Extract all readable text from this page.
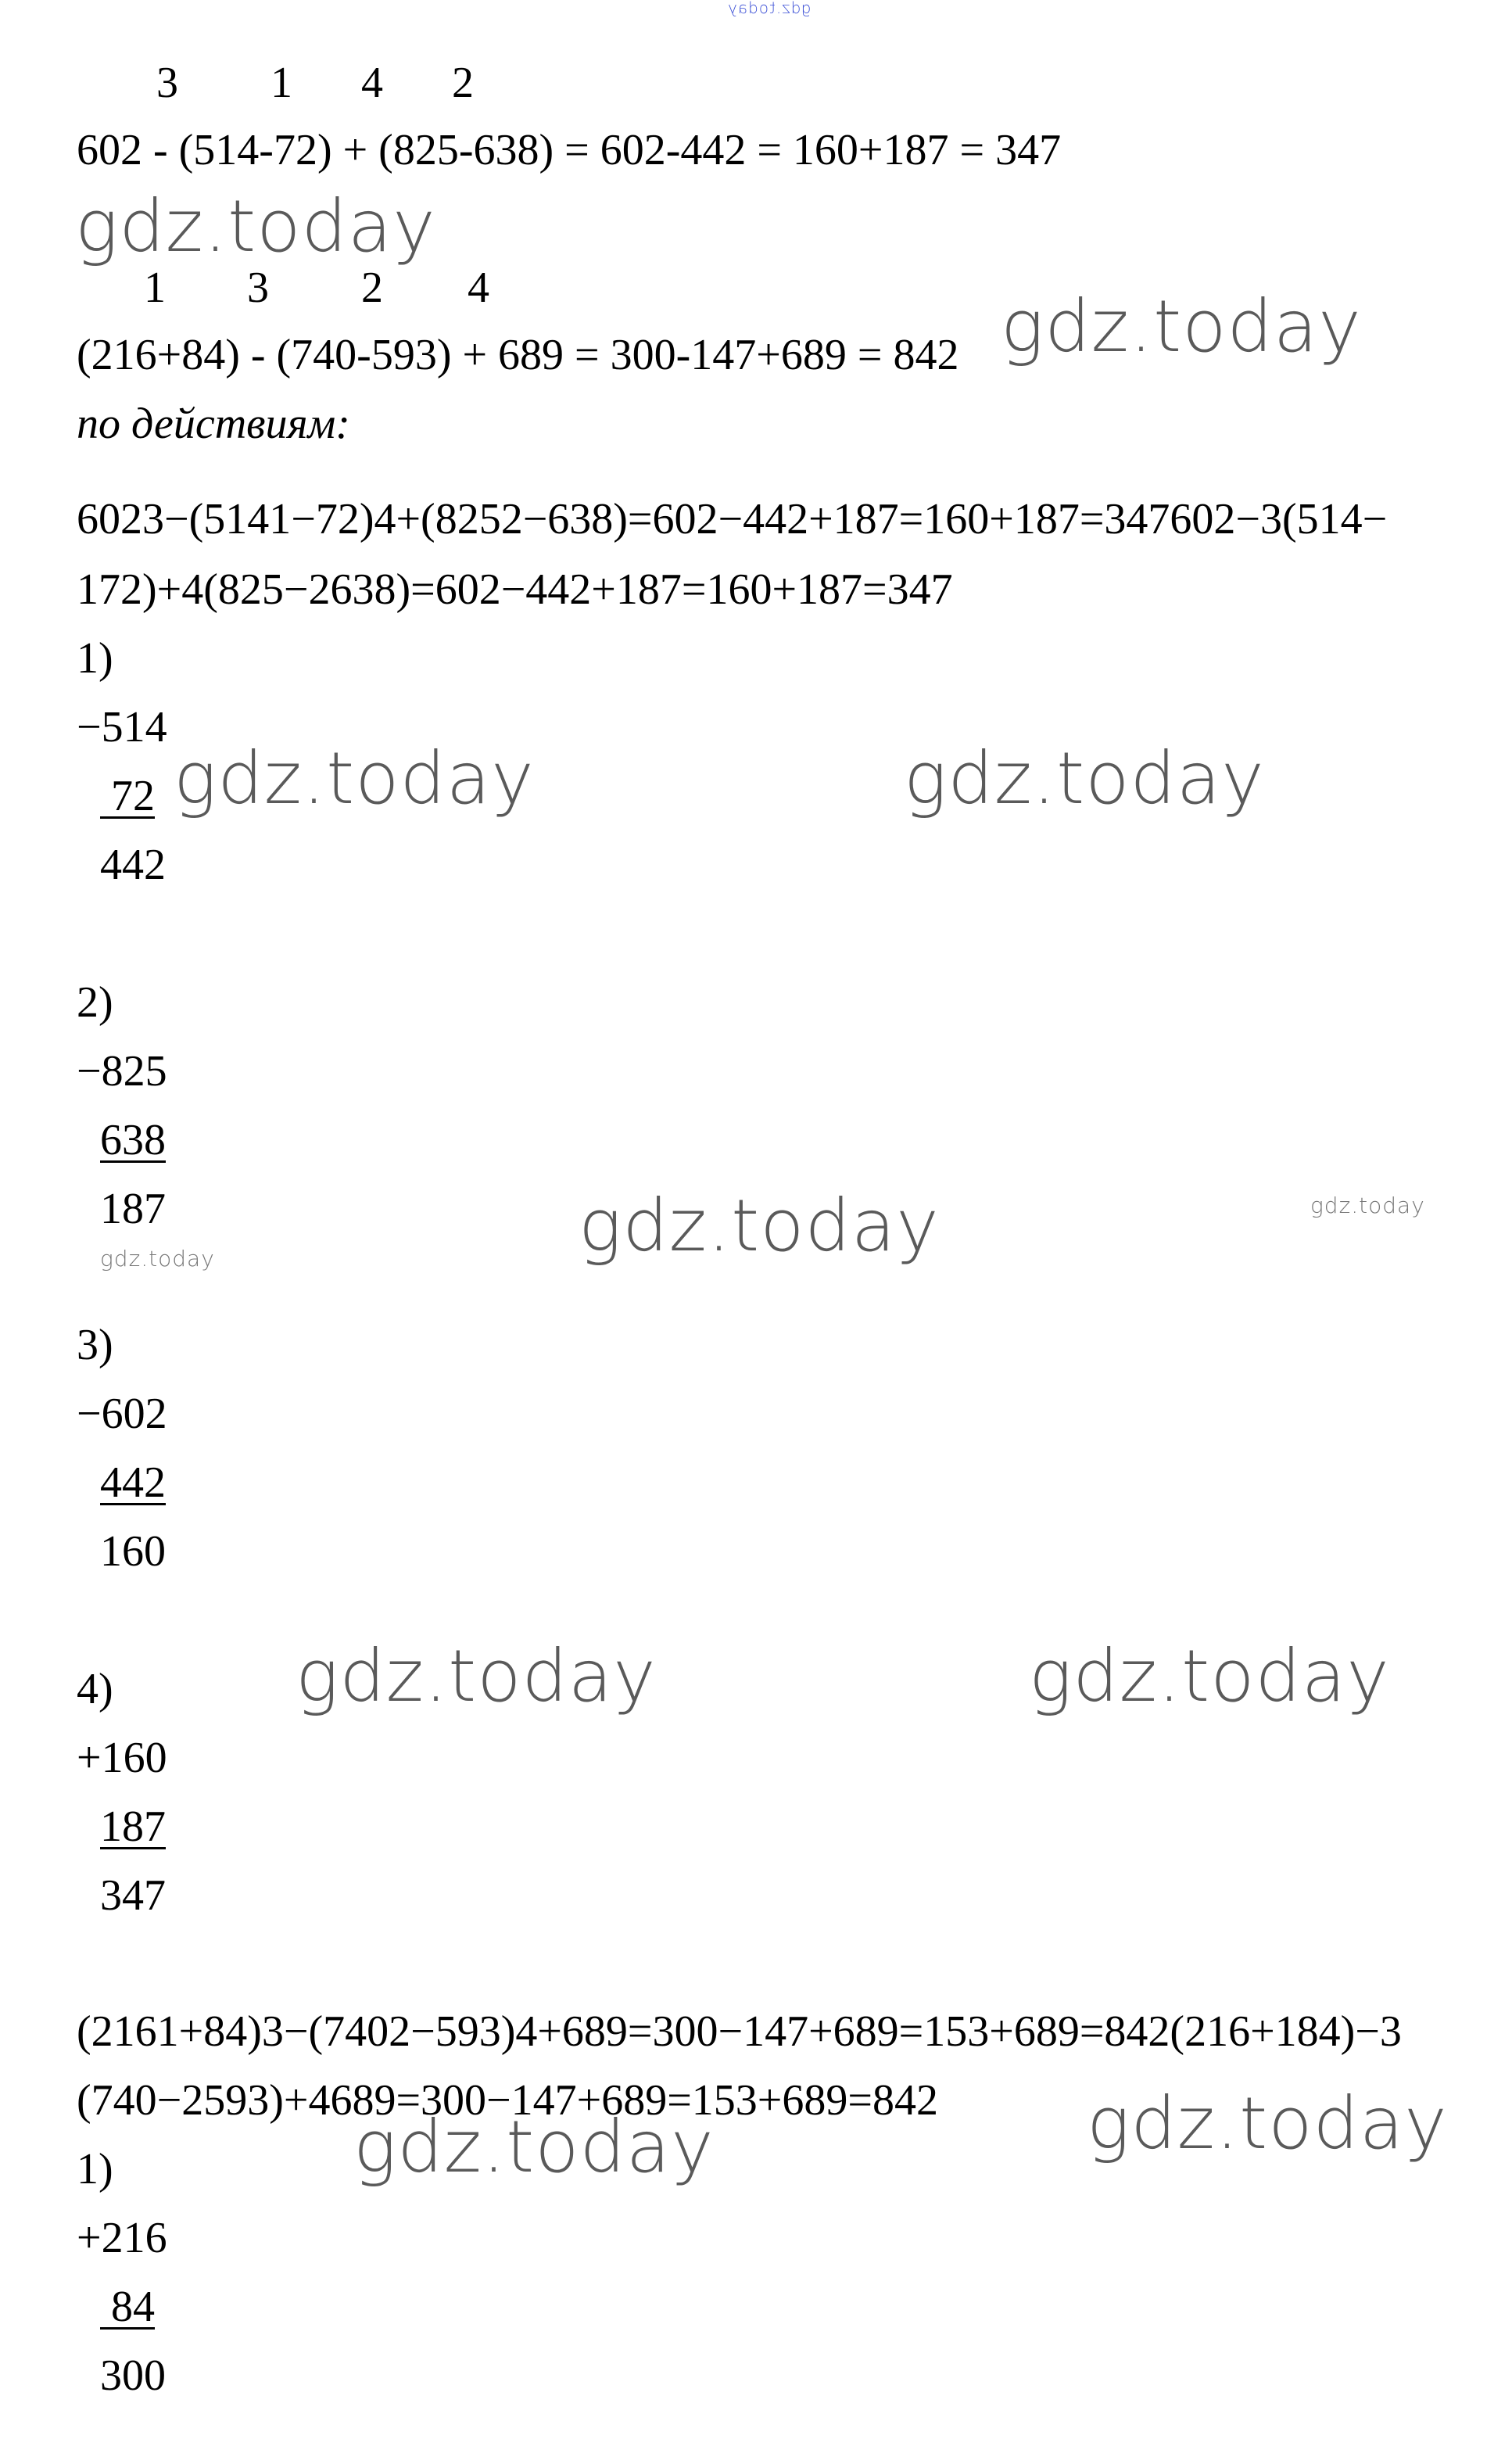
gdz.today
3 1 4 2
602 - (514-72) + (825-638) = 602-442 = 160+187 = 347
gdz.today
1 3 2 4
(216+84) - (740-593) + 689 = 300-147+689 = 842 gdz.today
по действиям:
6023−(5141−72)4+(8252−638)=602−442+187=160+187=347602−3(514−
172)+4(825−2638)=602−442+187=160+187=347
1)
−514
72
442
gdz.today	gdz.today
2)
−825
638
187
gdz.today	gdz.today	gdz.today
3)
−602
442
160
4)	gdz.today	gdz.today
+160
187
347
(2161+84)3−(7402−593)4+689=300−147+689=153+689=842(216+184)−3
(740−2593)+4689=300−147+689=153+689=842 gdz.today
1)	gdz.today
+216
84
300
